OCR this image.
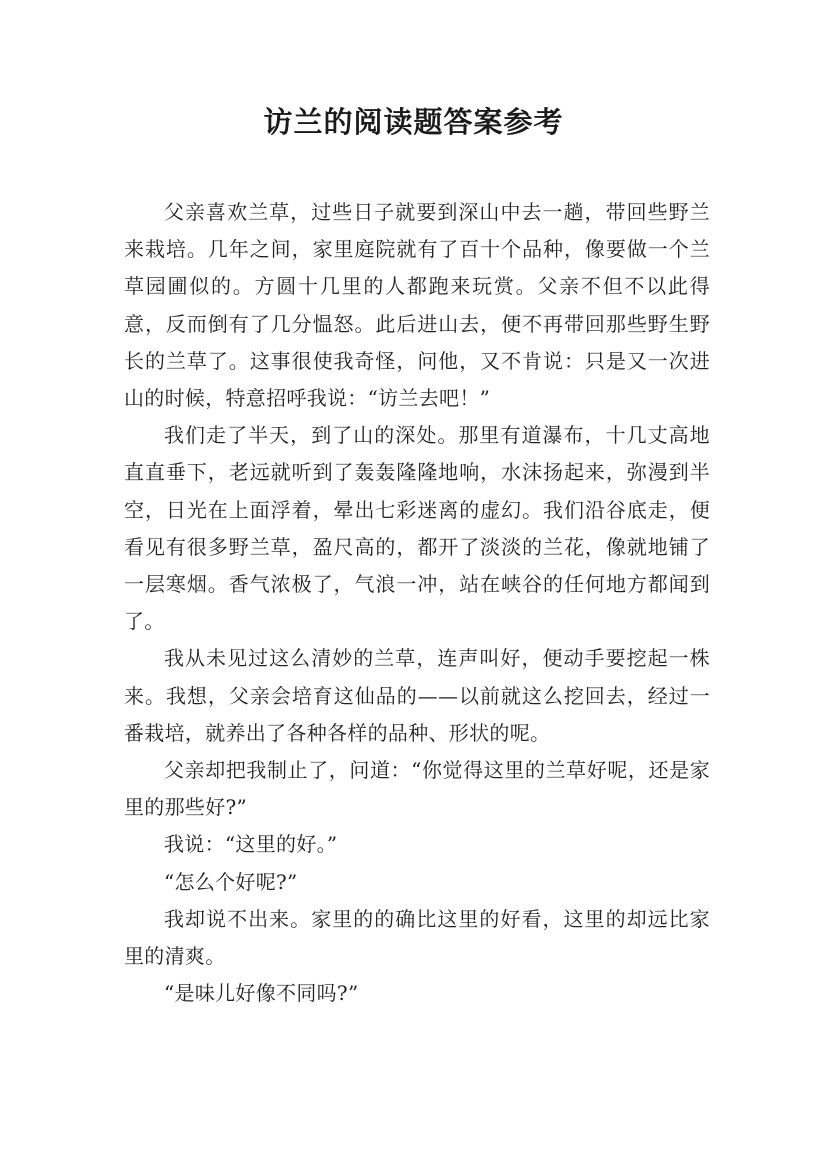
访兰的阅读题答案参考

父亲喜欢兰草，过些日子就要到深山中去一趟，带回些野兰来栽培。几年之间，家里庭院就有了百十个品种，像要做一个兰草园圃似的。方圆十几里的人都跑来玩赏。父亲不但不以此得意，反而倒有了几分愠怒。此后进山去，便不再带回那些野生野长的兰草了。这事很使我奇怪，问他，又不肯说：只是又一次进山的时候，特意招呼我说：“访兰去吧！”

我们走了半天，到了山的深处。那里有道瀑布，十几丈高地直直垂下，老远就听到了轰轰隆隆地响，水沫扬起来，弥漫到半空，日光在上面浮着，晕出七彩迷离的虚幻。我们沿谷底走，便看见有很多野兰草，盈尺高的，都开了淡淡的兰花，像就地铺了一层寒烟。香气浓极了，气浪一冲，站在峡谷的任何地方都闻到了。

我从未见过这么清妙的兰草，连声叫好，便动手要挖起一株来。我想，父亲会培育这仙品的——以前就这么挖回去，经过一番栽培，就养出了各种各样的品种、形状的呢。

父亲却把我制止了，问道：“你觉得这里的兰草好呢，还是家里的那些好?”

我说：“这里的好。”

“怎么个好呢?”

我却说不出来。家里的的确比这里的好看，这里的却远比家里的清爽。

“是味儿好像不同吗?”
